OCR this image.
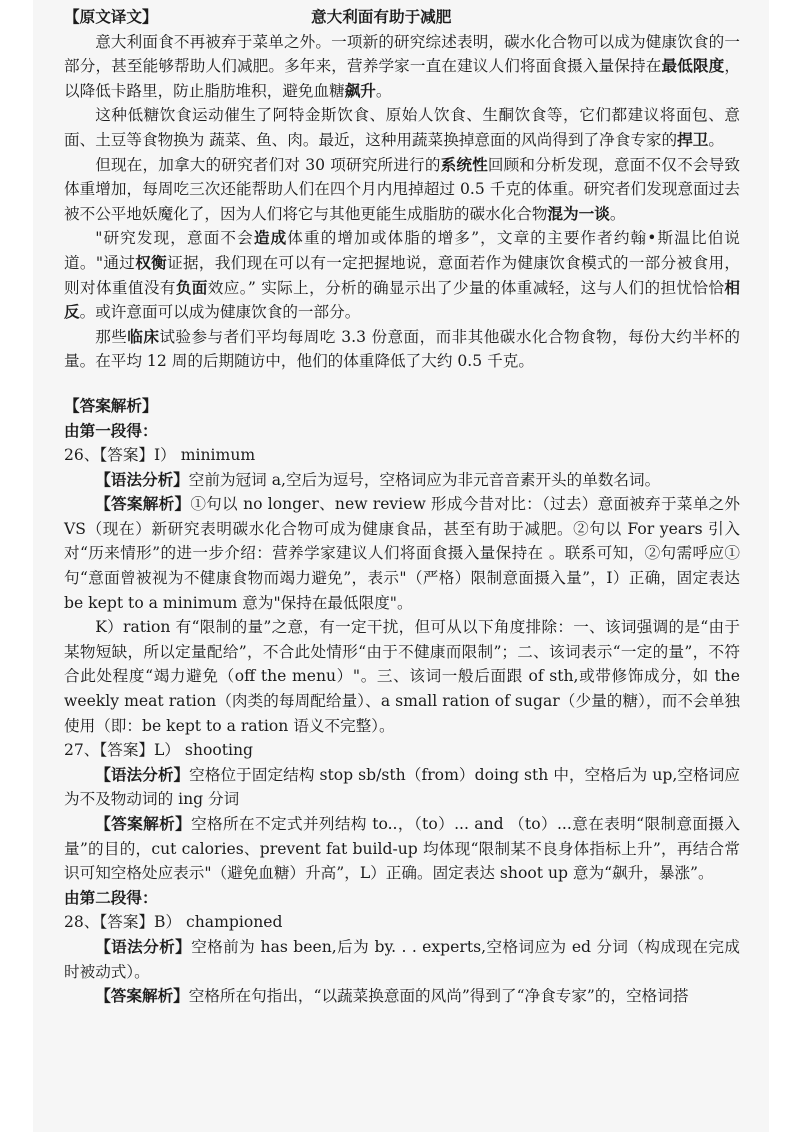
【原文译文】	意大利面有助于减肥

意大利面食不再被弃于菜单之外。一项新的研究综述表明，碳水化合物可以成为健康饮食的一部分，甚至能够帮助人们减肥。多年来，营养学家一直在建议人们将面食摄入量保持在最低限度，以降低卡路里，防止脂肪堆积，避免血糖飙升。

这种低糖饮食运动催生了阿特金斯饮食、原始人饮食、生酮饮食等，它们都建议将面包、意面、土豆等食物换为 蔬菜、鱼、肉。最近，这种用蔬菜换掉意面的风尚得到了净食专家的捍卫。

但现在，加拿大的研究者们对 30 项研究所进行的系统性回顾和分析发现，意面不仅不会导致体重增加，每周吃三次还能帮助人们在四个月内甩掉超过 0.5 千克的体重。研究者们发现意面过去被不公平地妖魔化了，因为人们将它与其他更能生成脂肪的碳水化合物混为一谈。

"研究发现，意面不会造成体重的增加或体脂的增多”，文章的主要作者约翰•斯温比伯说道。"通过权衡证据，我们现在可以有一定把握地说，意面若作为健康饮食模式的一部分被食用，则对体重值没有负面效应。” 实际上，分析的确显示出了少量的体重减轻，这与人们的担忧恰恰相反。或许意面可以成为健康饮食的一部分。

那些临床试验参与者们平均每周吃 3.3 份意面，而非其他碳水化合物食物，每份大约半杯的量。在平均 12 周的后期随访中，他们的体重降低了大约 0.5 千克。

【答案解析】

由第一段得：

26、【答案】I） minimum

【语法分析】空前为冠词 a,空后为逗号，空格词应为非元音音素开头的单数名词。

【答案解析】①句以 no longer、new review 形成今昔对比：（过去）意面被弃于菜单之外 VS（现在）新研究表明碳水化合物可成为健康食品，甚至有助于减肥。②句以 For years 引入对“历来情形”的进一步介绍：营养学家建议人们将面食摄入量保持在 。联系可知，②句需呼应①句“意面曾被视为不健康食物而竭力避免”，表示"（严格）限制意面摄入量”，I）正确，固定表达 be kept to a minimum 意为"保持在最低限度"。

K）ration 有“限制的量”之意，有一定干扰，但可从以下角度排除：一、该词强调的是“由于某物短缺，所以定量配给”，不合此处情形“由于不健康而限制”；二、该词表示“一定的量”，不符合此处程度“竭力避免（off the menu）"。三、该词一般后面跟 of sth,或带修饰成分，如 the weekly meat ration（肉类的每周配给量）、a small ration of sugar（少量的糖），而不会单独使用（即：be kept to a ration 语义不完整）。

27、【答案】L） shooting

【语法分析】空格位于固定结构 stop sb/sth（from）doing sth 中，空格后为 up,空格词应为不及物动词的 ing 分词

【答案解析】空格所在不定式并列结构 to..，（to）... and （to）...意在表明“限制意面摄入量”的目的，cut calories、prevent fat build-up 均体现“限制某不良身体指标上升”，再结合常识可知空格处应表示"（避免血糖）升高”，L）正确。固定表达 shoot up 意为“飙升，暴涨”。

由第二段得：

28、【答案】B） championed

【语法分析】空格前为 has been,后为 by. . . experts,空格词应为 ed 分词（构成现在完成时被动式）。

【答案解析】空格所在句指出，“以蔬菜换意面的风尚”得到了“净食专家”的，空格词搭
